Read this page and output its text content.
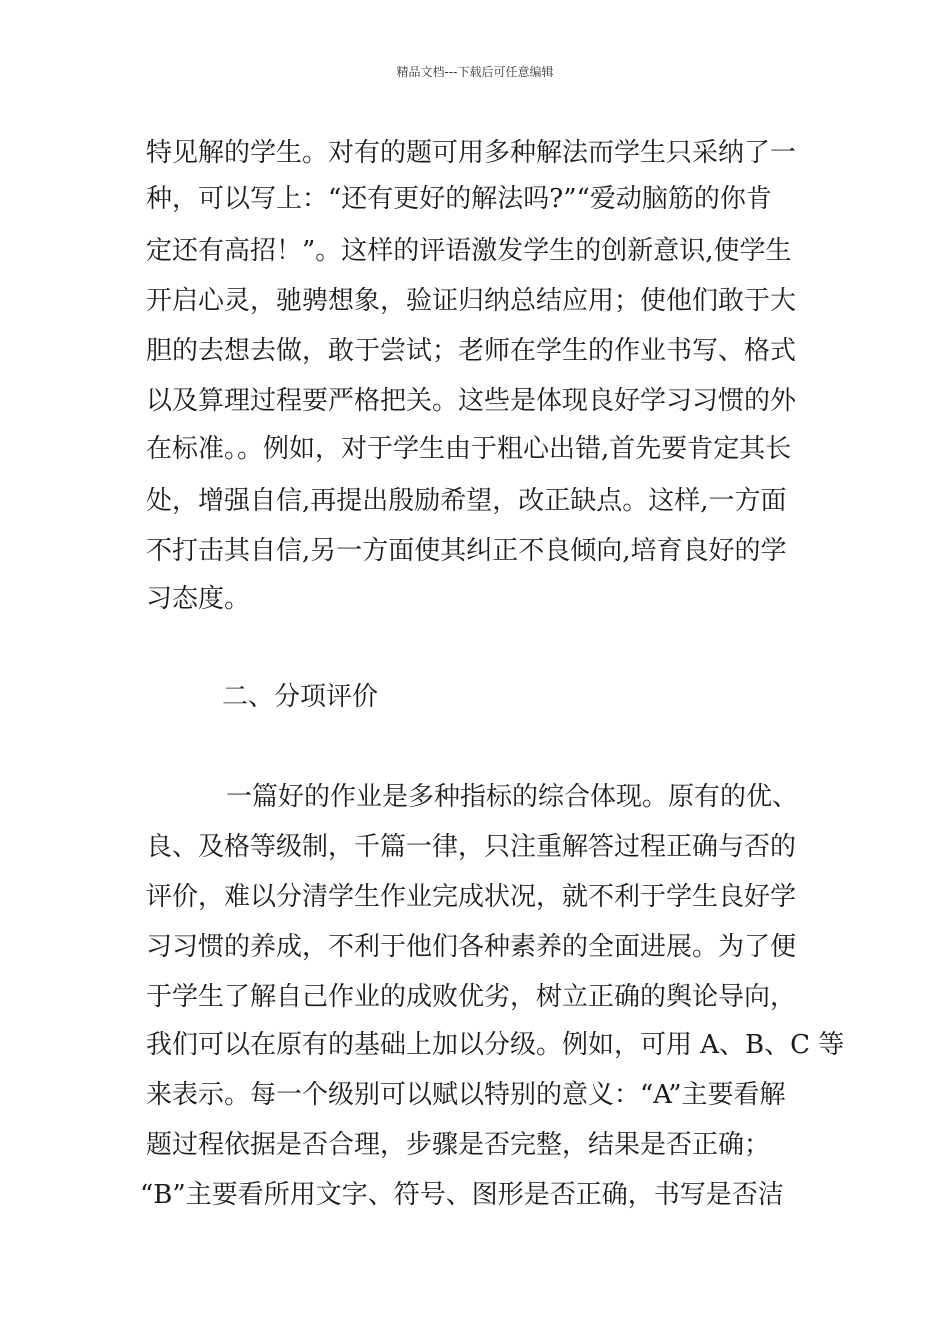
精品文档---下载后可任意编辑
特见解的学生。对有的题可用多种解法而学生只采纳了一
种，可以写上：“还有更好的解法吗?”“爱动脑筋的你肯
定还有高招！”。这样的评语激发学生的创新意识,使学生
开启心灵，驰骋想象，验证归纳总结应用；使他们敢于大
胆的去想去做，敢于尝试；老师在学生的作业书写、格式
以及算理过程要严格把关。这些是体现良好学习习惯的外
在标准。。例如，对于学生由于粗心出错,首先要肯定其长
处，增强自信,再提出殷励希望，改正缺点。这样,一方面
不打击其自信,另一方面使其纠正不良倾向,培育良好的学
习态度。
二、分项评价
一篇好的作业是多种指标的综合体现。原有的优、
良、及格等级制，千篇一律，只注重解答过程正确与否的
评价，难以分清学生作业完成状况，就不利于学生良好学
习习惯的养成，不利于他们各种素养的全面进展。为了便
于学生了解自己作业的成败优劣，树立正确的舆论导向，
我们可以在原有的基础上加以分级。例如，可用 A、B、C 等
来表示。每一个级别可以赋以特别的意义：“A”主要看解
题过程依据是否合理，步骤是否完整，结果是否正确；
“B”主要看所用文字、符号、图形是否正确，书写是否洁
